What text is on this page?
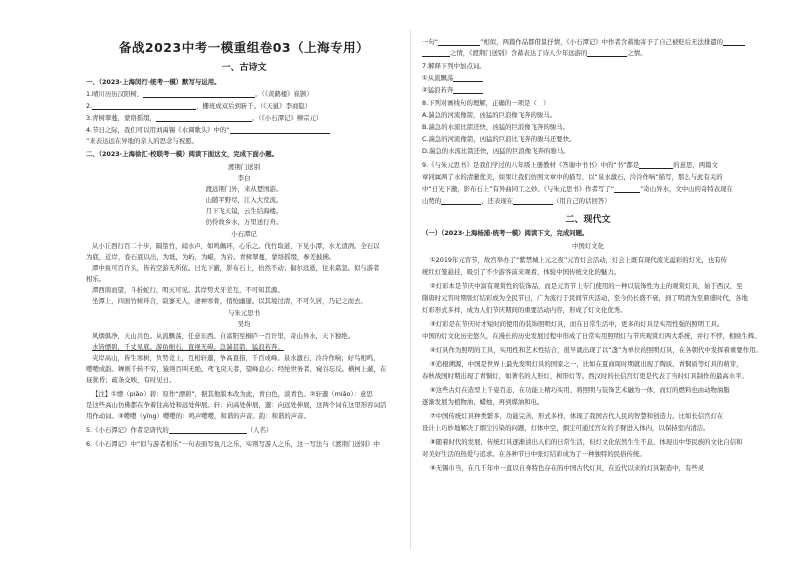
备战2023中考一模重组卷03（上海专用）
一、古诗文
一、（2023·上海闵行·统考一模）默写与运用。
1.晴川历历汉阳树，	。（《黄鹤楼》崔颢）
2.	，栅班成双后到斩千。（《天鼠》李商隐）
3.青树翠蔓，蒙络摇缀，	。（《小石潭记》柳宗元）
4.节日之际，我们可以用刘禹锡《水调歌头》中的“
”来表达远在异地的亲人的思念与祝愿。
二、（2023·上海徐汇·校联考一模）阅读下面这文，完成下面小题。
渡荆门送别
李白
渡远荆门外，来从楚国游。
山随平野尽，江入大荒流。
月下飞天镜，云生结海楼。
仍怜故乡水，万里送行舟。
小石潭记
从小丘西行百二十步，隔篁竹，闻水声，如鸣佩环，心乐之。伐竹取道，下见小潭，水尤清洌。全石以
为底，近岸，卷石底以出，为坻，为屿，为嵁，为岩。青树翠蔓，蒙络摇缀，参差披拂。
潭中鱼可百许头，皆若空游无所依。日光下澈，影布石上，佁然不动；俶尔远逝，往来翕忽。似与游者
相乐。
潭西南而望，斗折蛇行，明灭可见。其岸势犬牙差互，不可知其源。
坐潭上，四面竹树环合，寂寥无人，凄神寒骨，悄怆幽邃。以其境过清，不可久居，乃记之而去。
与朱元思书
吴均
风烟俱净，天山共色。从流飘荡，任意东西。自富阳至桐庐一百许里，奇山异水，天下独绝。
水皆缥碧，千丈见底。游鱼细石，直视无碍。急湍甚箭，猛浪若奔。
夹岸高山，皆生寒树，负势竞上，互相轩邈，争高直指，千百成峰。泉水激石，泠泠作响；好鸟相鸣，
嘤嘤成韵。蝉则千转不穷，猿则百叫无绝。鸢飞戾天者，望峰息心；经纶世务者，窥谷忘反。横柯上蔽，在
昼犹昏；疏条交映，有时见日。
【注】①缥（piǎo）碧：原作“漂碧”，据其他版本改为此，青白色，淡青色。②轩邈（miǎo）：意思
是这些高山仿佛都在争着往高处和远处伸展。轩：向高处伸展，邈：向远处伸展，这两个词在这里形容词活
用作动词。③嘤嘤（yīng）嘤嘤的：鸣声嘤嘤，和谐的声音。韵：和谐的声音。
5.《小石潭记》作者是唐代的	（人名）
6.《小石潭记》中“似与游者相乐”一句表面写鱼儿之乐，实则写游人之乐，这一写法与《渡荆门送别》中
一句“	”相似，两篇作品都借景抒情，《小石潭记》中作者含蓄地寄予了自己被贬后无法排遣的
之情，《渡荆门送别》含蓄表达了诗人少年远游的	之情。
7.解释下列中加点词。
①从流飘荡
②猛浪若奔
8.下列对画线句的理解，正确的一项是（　）
A.湍急的河流像箭，凶猛的巨浪像飞奔的骏马。
B.湍急的水流比箭还快，凶猛的巨浪像飞奔的骏马。
C.湍急的河流像箭，凶猛的巨浪比飞奔的骏马还要快。
D.湍急的水流比箭还快，凶猛的巨浪像飞奔的骏马。
9.《与朱元思书》是我们学过的八年级上册教材《答谢中书书》中的“书”都是	的意思，两篇文
章同属两了水的清澈优美，如果让我们仿照文章中的描写，以“泉水激石，泠泠作响”描写，那么与此有关的
中“日光下澈，影布石上”有异曲同工之妙。《与朱元思书》作者写了“	”奇山异水，文中山的奇特表现在
山势的	，还表现在	（用自己的话回答）
二、现代文
（一）（2023·上海杨浦·统考一模）阅读下文，完成问题。
中国灯文化
①2019年元宵节，故宫举办了“紫禁城上元之夜”元宵灯会活动，灯会上既有现代流光溢彩的灯光，也有传
统红灯笼悬挂，吸引了不少游客前来观看，体验中国传统文化的魅力。
②灯彩本是节庆中富有观赏性的装饰品，而是元宵节上专门使用的一种以装饰性为主的观赏灯具，始于西汉，至
隋唐时元宵时期张灯结彩成为全民节日，广为流行于民间节庆活动，至今仍长盛不衰，到了明清为至鼎盛时代，各地
灯彩形式多样，成为人们节庆期间的重要活动内容，形成了灯文化优秀。
③灯彩是在节庆时才短时间使用的装饰照明灯具，而在日常生活中，更多的灯具是实用性强的照明工具。
中国的灯文化历史悠久，在漫长的历史发展过程中形成了日常实用照明灯与节庆观赏灯两大系统，并行不悖，相映生辉。
④灯具作为照明的工具，实用性和艺术性结合，很早就出现了以“盏”为单位的照明灯具，在各朝代中发挥着重要作用。
⑤追根溯源，中国是世界上最先发明灯具的国家之一，比如在夏商周时期就出现了陶质、青铜质等灯具的萌芽，
春秋战国时期出现了青铜灯，如著名的人形灯、树形灯等。西汉时的长信宫灯更是代表了当时灯具制作的最高水平。
⑥这些古灯在造型上千姿百态，在功能上精巧实用，将照明与装饰艺术融为一体，而灯的燃料也由动物油脂
逐渐发展为植物油、蜡烛，再到煤油和电。
⑦中国传统灯具种类繁多，功能完善，形式多样，体现了我国古代人民的智慧和创造力。比如长信宫灯在
设计上巧妙地解决了烟尘污染的问题，灯体中空，烟尘可通过宫女的手臂进入体内，以保持室内清洁。
⑧随着时代的发展，传统灯具逐渐淡出人们的日常生活，但灯文化依然生生不息，体现出中华民族的文化自信和
对美好生活的热爱与追求。在各种节日中张灯结彩成为了一种独特的民俗传统。
⑨无锡市当，在几千年中一直以自身特色存在的中国古代灯具，在近代以来的灯具制造中，有些灵
